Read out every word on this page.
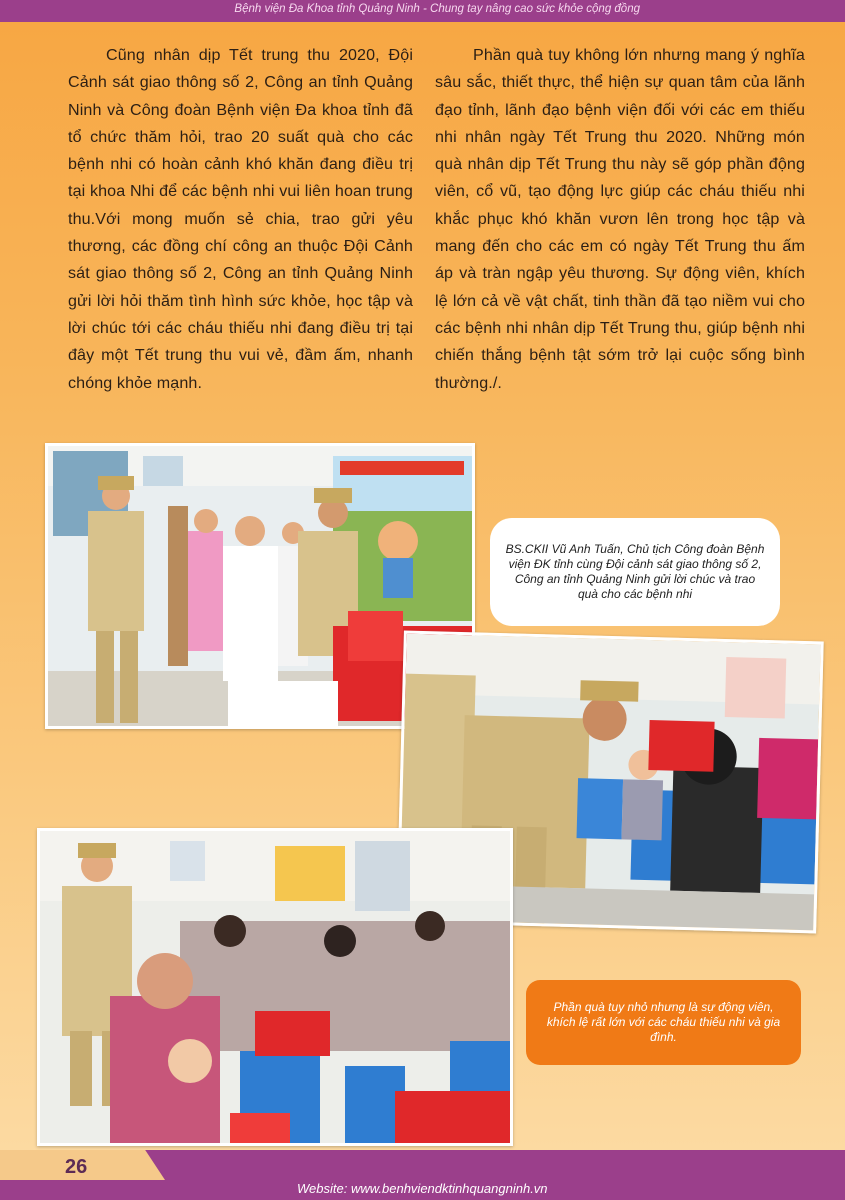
Bệnh viện Đa Khoa tỉnh Quảng Ninh - Chung tay nâng cao sức khỏe cộng đồng

Cũng nhân dịp Tết trung thu 2020, Đội Cảnh sát giao thông số 2, Công an tỉnh Quảng Ninh và Công đoàn Bệnh viện Đa khoa tỉnh đã tổ chức thăm hỏi, trao 20 suất quà cho các bệnh nhi có hoàn cảnh khó khăn đang điều trị tại khoa Nhi để các bệnh nhi vui liên hoan trung thu.Với mong muốn sẻ chia, trao gửi yêu thương, các đồng chí công an thuộc Đội Cảnh sát giao thông số 2, Công an tỉnh Quảng Ninh gửi lời hỏi thăm tình hình sức khỏe, học tập và lời chúc tới các cháu thiếu nhi đang điều trị tại đây một Tết trung thu vui vẻ, đầm ấm, nhanh chóng khỏe mạnh.

Phần quà tuy không lớn nhưng mang ý nghĩa sâu sắc, thiết thực, thể hiện sự quan tâm của lãnh đạo tỉnh, lãnh đạo bệnh viện đối với các em thiếu nhi nhân ngày Tết Trung thu 2020. Những món quà nhân dịp Tết Trung thu này sẽ góp phần động viên, cổ vũ, tạo động lực giúp các cháu thiếu nhi khắc phục khó khăn vươn lên trong học tập và mang đến cho các em có ngày Tết Trung thu ấm áp và tràn ngập yêu thương. Sự động viên, khích lệ lớn cả về vật chất, tinh thần đã tạo niềm vui cho các bệnh nhi nhân dịp Tết Trung thu, giúp bệnh nhi chiến thắng bệnh tật sớm trở lại cuộc sống bình thường./.

BS.CKII Vũ Anh Tuấn, Chủ tịch Công đoàn Bệnh viện ĐK tỉnh cùng Đội cảnh sát giao thông số 2, Công an tỉnh Quảng Ninh gửi lời chúc và trao quà cho các bệnh nhi
Phần quà tuy nhỏ nhưng là sự động viên, khích lệ rất lớn với các cháu thiếu nhi và gia đình.
26
Website: www.benhviendktinhquangninh.vn
